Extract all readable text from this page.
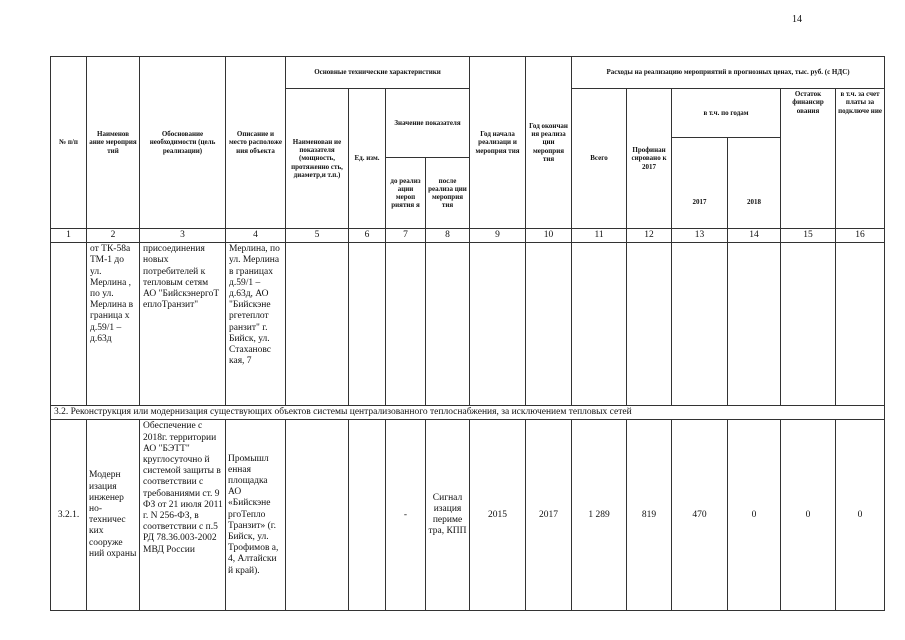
14
№ п/п	Наименов ание мероприя тий	Обоснование необходимости (цель реализации)	Описание и место расположе ния объекта	Основные технические характеристики				Год начала реализаци и мероприя тия	Год окончан ия реализа ции мероприя тия	Расходы на реализацию мероприятий в прогнозных ценах, тыс. руб. (с НДС)					
				Наименован ие показателя (мощность, протяженно сть, диаметр,и т.п.)	Ед. изм.	Значение показателя				Всего	Профинан сировано к 2017	в т.ч. по годам		Остаток финансир ования	в т.ч. за счет платы за подключе ние
												2017	2018		
						до реализ ации мероп риятия я	после реализа ции мероприя тия								
1	2	3	4	5	6	7	8	9	10	11	12	13	14	15	16
	от ТК-58а ТМ-1 до ул. Мерлина , по ул. Мерлина в граница х д.59/1 – д.63д	присоединения новых потребителей к тепловым сетям АО "БийскэнергоТ еплоТранзит"	Мерлина, по ул. Мерлина в границах д.59/1 – д.63д, АО "Бийскэне ргетеплот ранзит" г. Бийск, ул. Стахановс кая, 7												
3.2. Реконструкция или модернизация существующих объектов системы централизованного теплоснабжения, за исключением тепловых сетей															
3.2.1.	Модерн изация инженер но-техничес ких сооруже ний охраны	Обеспечение с 2018г. территории АО "БЭТТ" круглосуточно й системой защиты в соответствии с требованиями ст. 9 ФЗ от 21 июля 2011 г. N 256-ФЗ, в соответствии с п.5 РД 78.36.003-2002 МВД России	Промышл енная площадка АО «Бийскэне ргоТепло Транзит» (г. Бийск, ул. Трофимов а, 4, Алтайски й край).			-	Сигнал изация периме тра, КПП	2015	2017	1 289	819	470	0	0	0
